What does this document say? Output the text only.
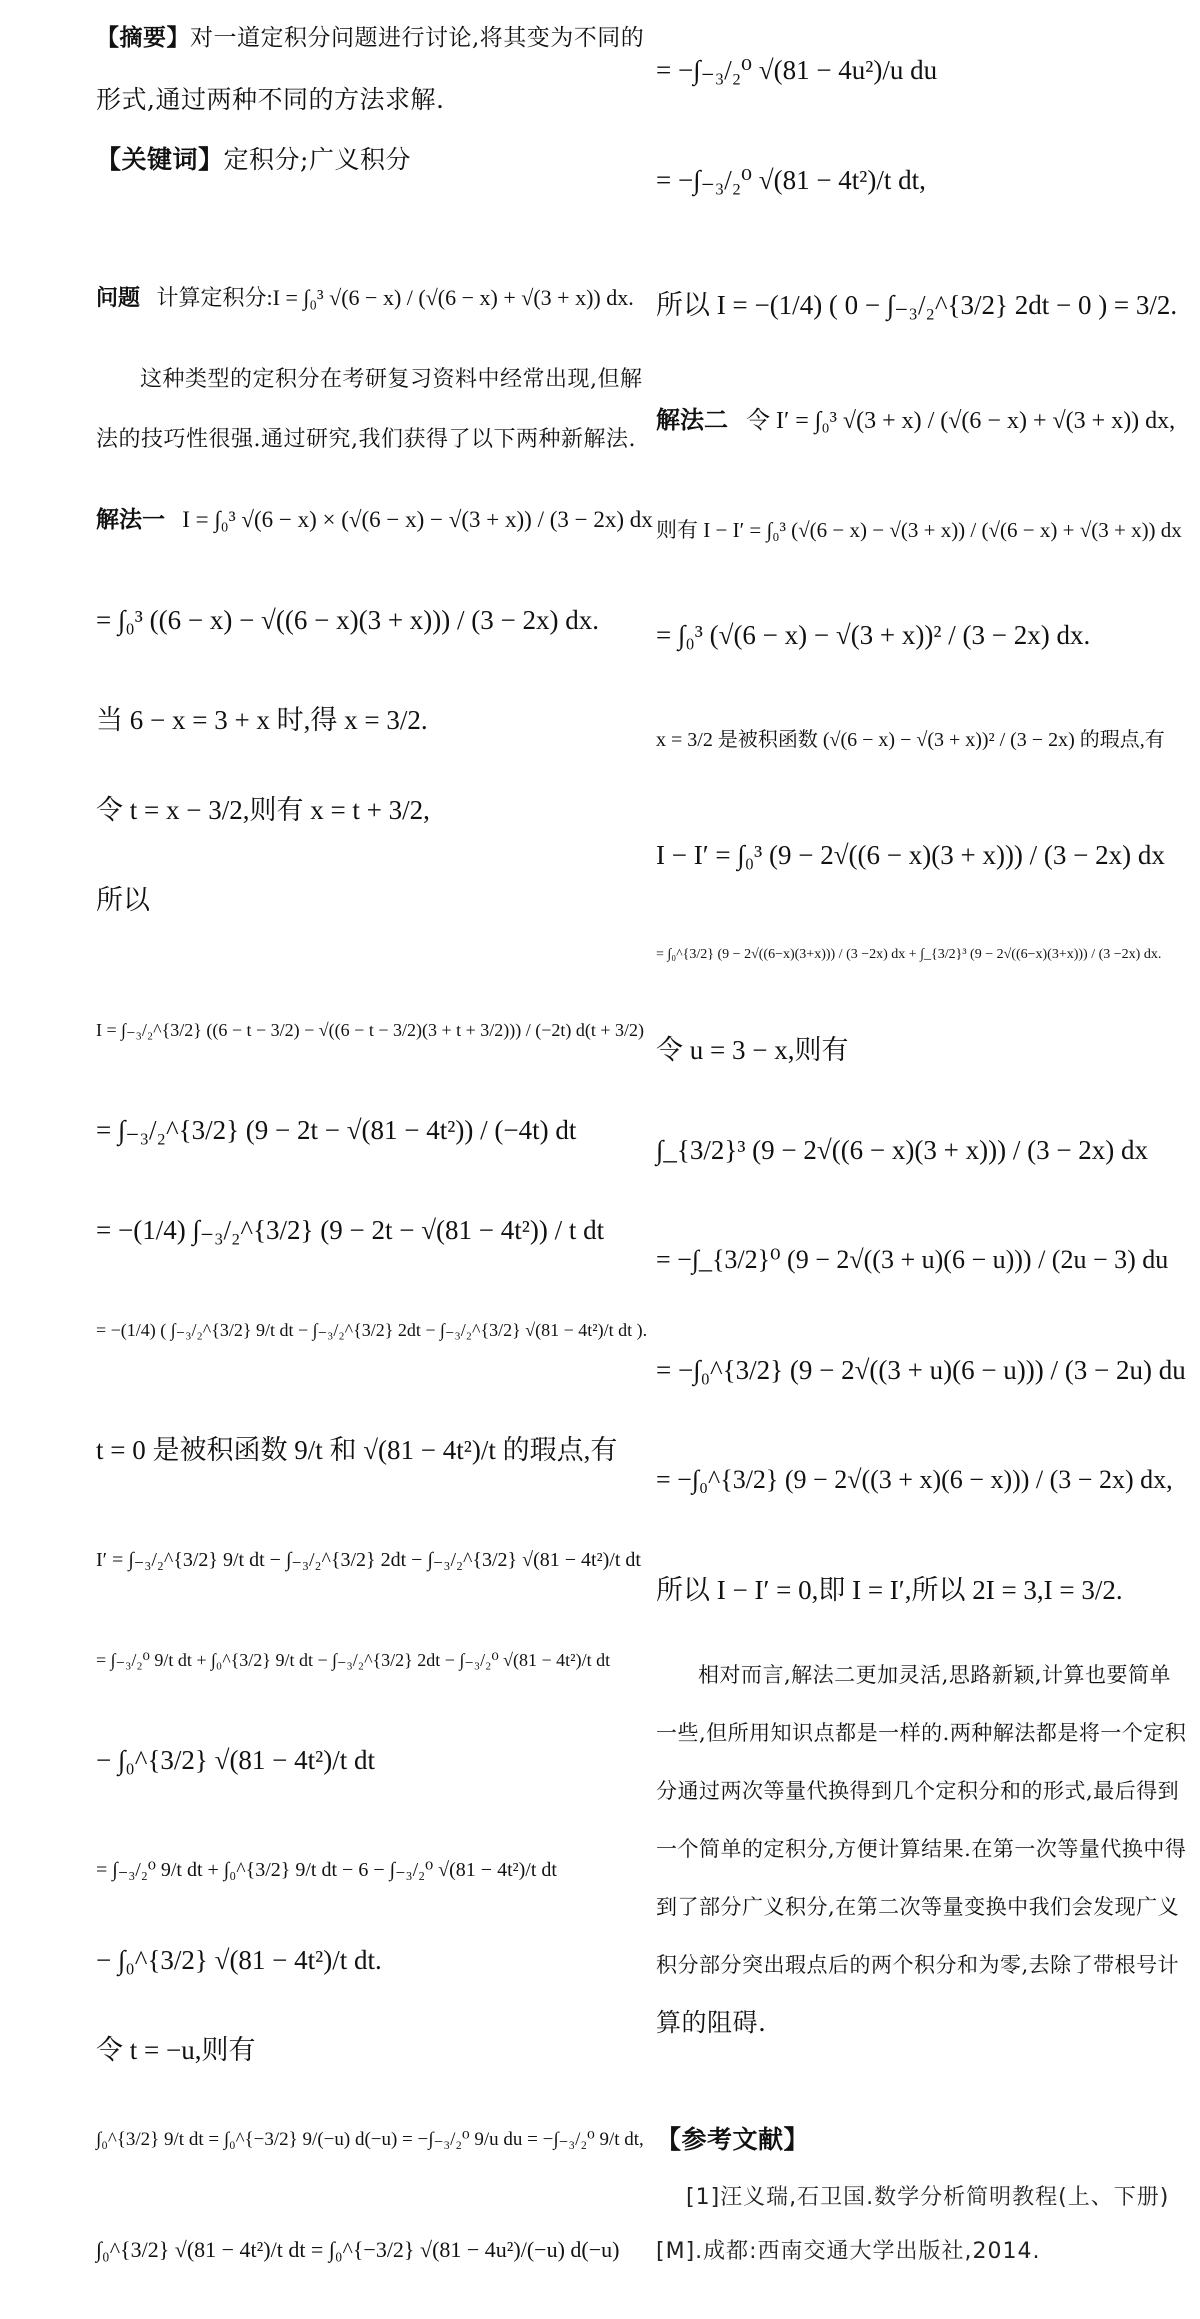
【摘要】对一道定积分问题进行讨论,将其变为不同的
形式,通过两种不同的方法求解.
【关键词】定积分;广义积分
问题 计算定积分:I = ∫₀³ √(6 − x) / (√(6 − x) + √(3 + x)) dx.
这种类型的定积分在考研复习资料中经常出现,但解
法的技巧性很强.通过研究,我们获得了以下两种新解法.
解法一 I = ∫₀³ √(6 − x) × (√(6 − x) − √(3 + x)) / (3 − 2x) dx
= ∫₀³ ((6 − x) − √((6 − x)(3 + x))) / (3 − 2x) dx.
当 6 − x = 3 + x 时,得 x = 3/2.
令 t = x − 3/2,则有 x = t + 3/2,
所以
I = ∫₋₃/₂^{3/2} ((6 − t − 3/2) − √((6 − t − 3/2)(3 + t + 3/2))) / (−2t) d(t + 3/2)
= ∫₋₃/₂^{3/2} (9 − 2t − √(81 − 4t²)) / (−4t) dt
= −(1/4) ∫₋₃/₂^{3/2} (9 − 2t − √(81 − 4t²)) / t dt
= −(1/4) ( ∫₋₃/₂^{3/2} 9/t dt − ∫₋₃/₂^{3/2} 2dt − ∫₋₃/₂^{3/2} √(81 − 4t²)/t dt ).
t = 0 是被积函数 9/t 和 √(81 − 4t²)/t 的瑕点,有
I′ = ∫₋₃/₂^{3/2} 9/t dt − ∫₋₃/₂^{3/2} 2dt − ∫₋₃/₂^{3/2} √(81 − 4t²)/t dt
= ∫₋₃/₂⁰ 9/t dt + ∫₀^{3/2} 9/t dt − ∫₋₃/₂^{3/2} 2dt − ∫₋₃/₂⁰ √(81 − 4t²)/t dt
− ∫₀^{3/2} √(81 − 4t²)/t dt
= ∫₋₃/₂⁰ 9/t dt + ∫₀^{3/2} 9/t dt − 6 − ∫₋₃/₂⁰ √(81 − 4t²)/t dt
− ∫₀^{3/2} √(81 − 4t²)/t dt.
令 t = −u,则有
∫₀^{3/2} 9/t dt = ∫₀^{−3/2} 9/(−u) d(−u) = −∫₋₃/₂⁰ 9/u du = −∫₋₃/₂⁰ 9/t dt,
∫₀^{3/2} √(81 − 4t²)/t dt = ∫₀^{−3/2} √(81 − 4u²)/(−u) d(−u)
= −∫₋₃/₂⁰ √(81 − 4u²)/u du
= −∫₋₃/₂⁰ √(81 − 4t²)/t dt,
所以 I = −(1/4) ( 0 − ∫₋₃/₂^{3/2} 2dt − 0 ) = 3/2.
解法二 令 I′ = ∫₀³ √(3 + x) / (√(6 − x) + √(3 + x)) dx,
则有 I − I′ = ∫₀³ (√(6 − x) − √(3 + x)) / (√(6 − x) + √(3 + x)) dx
= ∫₀³ (√(6 − x) − √(3 + x))² / (3 − 2x) dx.
x = 3/2 是被积函数 (√(6 − x) − √(3 + x))² / (3 − 2x) 的瑕点,有
I − I′ = ∫₀³ (9 − 2√((6 − x)(3 + x))) / (3 − 2x) dx
= ∫₀^{3/2} (9 − 2√((6−x)(3+x))) / (3 −2x) dx + ∫_{3/2}³ (9 − 2√((6−x)(3+x))) / (3 −2x) dx.
令 u = 3 − x,则有
∫_{3/2}³ (9 − 2√((6 − x)(3 + x))) / (3 − 2x) dx
= −∫_{3/2}⁰ (9 − 2√((3 + u)(6 − u))) / (2u − 3) du
= −∫₀^{3/2} (9 − 2√((3 + u)(6 − u))) / (3 − 2u) du
= −∫₀^{3/2} (9 − 2√((3 + x)(6 − x))) / (3 − 2x) dx,
所以 I − I′ = 0,即 I = I′,所以 2I = 3,I = 3/2.
相对而言,解法二更加灵活,思路新颖,计算也要简单
一些,但所用知识点都是一样的.两种解法都是将一个定积
分通过两次等量代换得到几个定积分和的形式,最后得到
一个简单的定积分,方便计算结果.在第一次等量代换中得
到了部分广义积分,在第二次等量变换中我们会发现广义
积分部分突出瑕点后的两个积分和为零,去除了带根号计
算的阻碍.
【参考文献】
[1]汪义瑞,石卫国.数学分析简明教程(上、下册)
[M].成都:西南交通大学出版社,2014.
